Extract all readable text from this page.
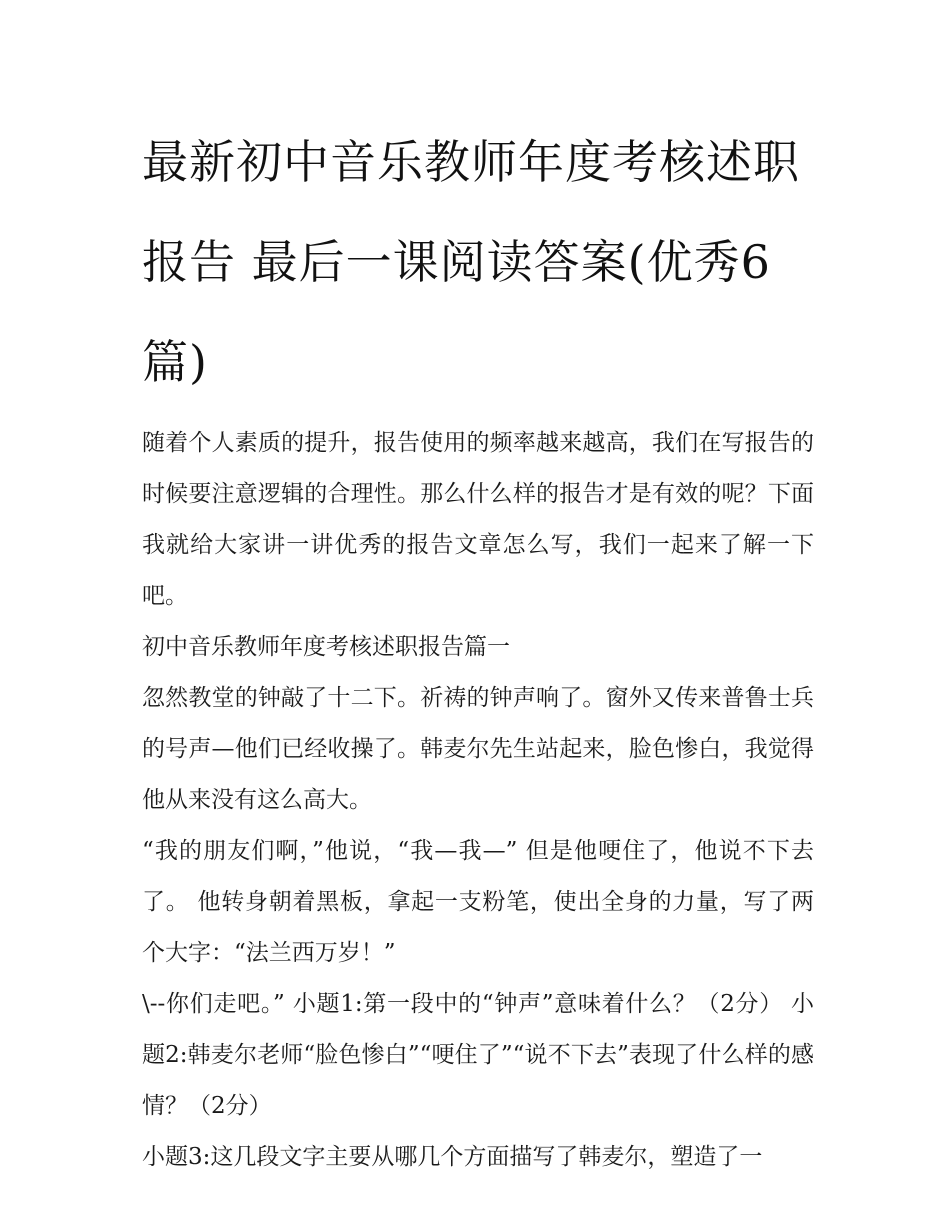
最新初中音乐教师年度考核述职报告 最后一课阅读答案(优秀6篇)

随着个人素质的提升，报告使用的频率越来越高，我们在写报告的时候要注意逻辑的合理性。那么什么样的报告才是有效的呢？下面我就给大家讲一讲优秀的报告文章怎么写，我们一起来了解一下吧。

初中音乐教师年度考核述职报告篇一

忽然教堂的钟敲了十二下。祈祷的钟声响了。窗外又传来普鲁士兵的号声—他们已经收操了。韩麦尔先生站起来，脸色惨白，我觉得他从来没有这么高大。

“我的朋友们啊，”他说，“我—我—” 但是他哽住了，他说不下去了。 他转身朝着黑板，拿起一支粉笔，使出全身的力量，写了两个大字：“法兰西万岁！”

\--你们走吧。” 小题1:第一段中的“钟声”意味着什么？（2分） 小题2:韩麦尔老师“脸色惨白”“哽住了”“说不下去”表现了什么样的感情？（2分）

小题3:这几段文字主要从哪几个方面描写了韩麦尔，塑造了一
